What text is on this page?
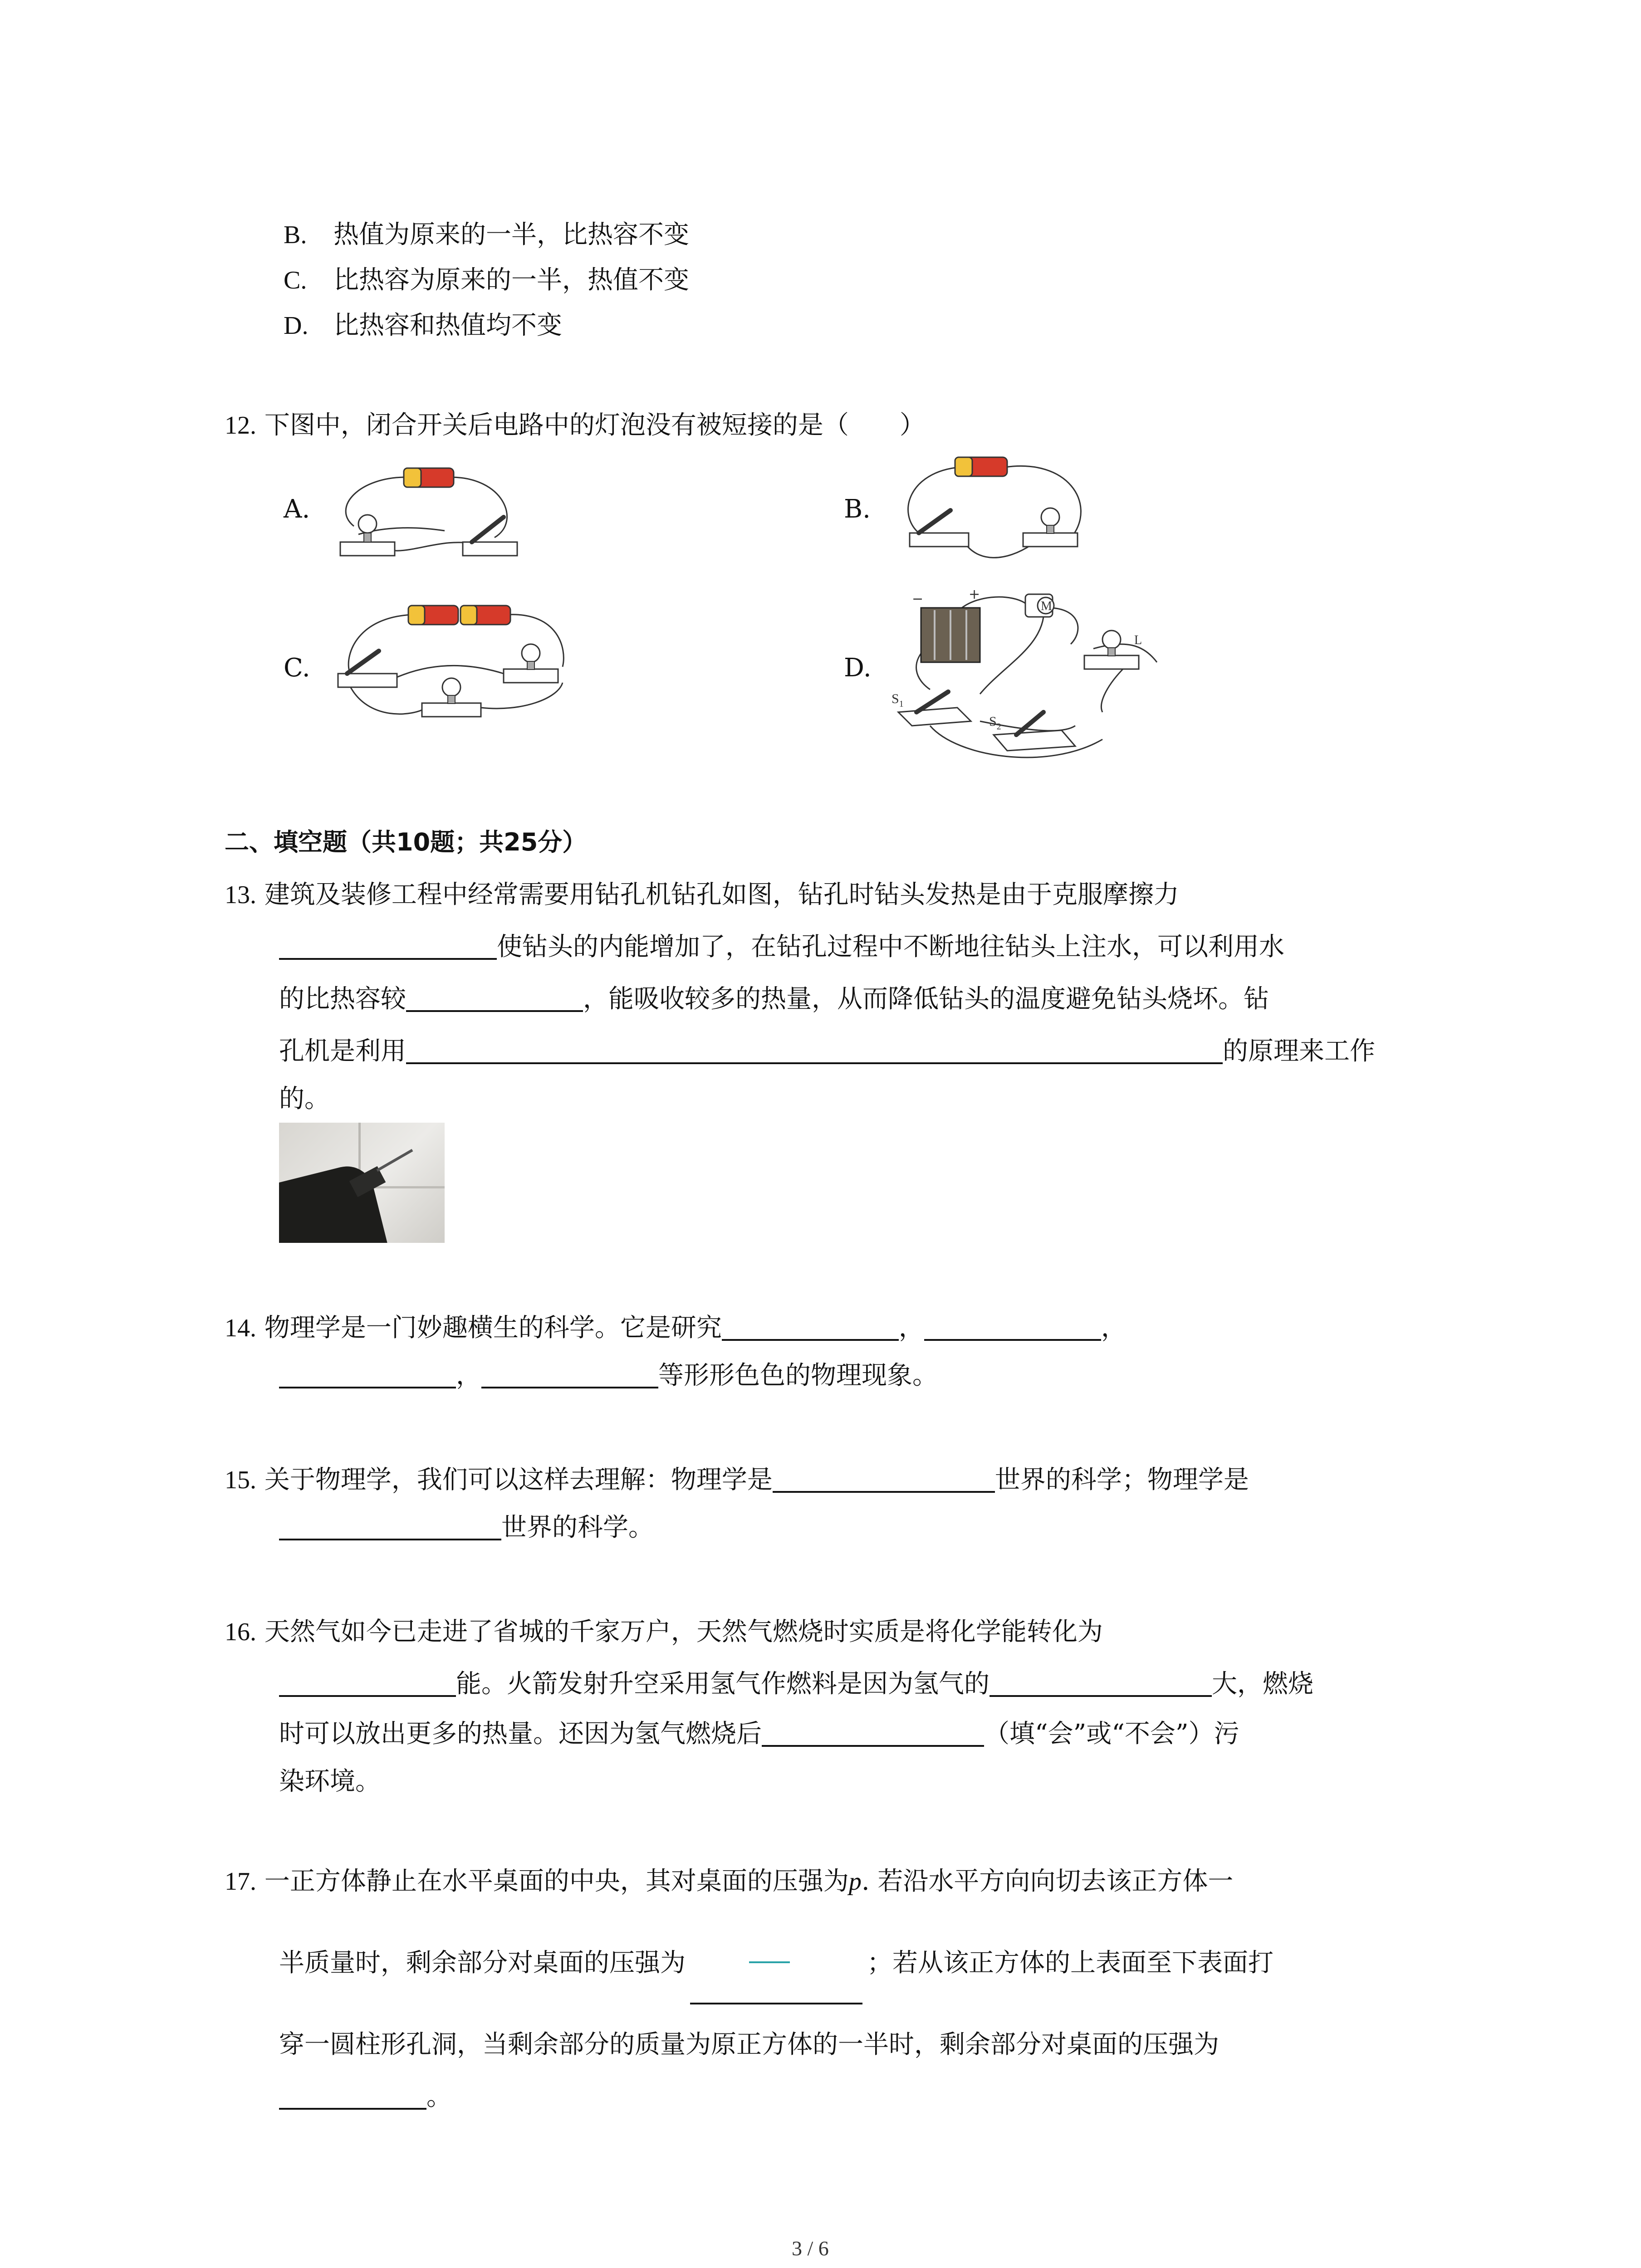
B. 热值为原来的一半，比热容不变
C. 比热容为原来的一半，热值不变
D. 比热容和热值均不变
12. 下图中，闭合开关后电路中的灯泡没有被短接的是（　　）
A.	B.
C.	D.
−	+
M
L
$S_1$
$S_2$
二、填空题（共10题；共25分）
13. 建筑及装修工程中经常需要用钻孔机钻孔如图，钻孔时钻头发热是由于克服摩擦力
使钻头的内能增加了，在钻孔过程中不断地往钻头上注水，可以利用水
的比热容较	，能吸收较多的热量，从而降低钻头的温度避免钻头烧坏。钻
孔机是利用	的原理来工作
的。
14. 物理学是一门妙趣横生的科学。它是研究	，	，
，	等形形色色的物理现象。
15. 关于物理学，我们可以这样去理解：物理学是	世界的科学；物理学是
世界的科学。
16. 天然气如今已走进了省城的千家万户，天然气燃烧时实质是将化学能转化为
能。火箭发射升空采用氢气作燃料是因为氢气的	大，燃烧
时可以放出更多的热量。还因为氢气燃烧后	（填“会”或“不会”）污
染环境。
17. 一正方体静止在水平桌面的中央，其对桌面的压强为p. 若沿水平方向向切去该正方体一
半质量时，剩余部分对桌面的压强为	；若从该正方体的上表面至下表面打
穿一圆柱形孔洞，当剩余部分的质量为原正方体的一半时，剩余部分对桌面的压强为
。
3 / 6
